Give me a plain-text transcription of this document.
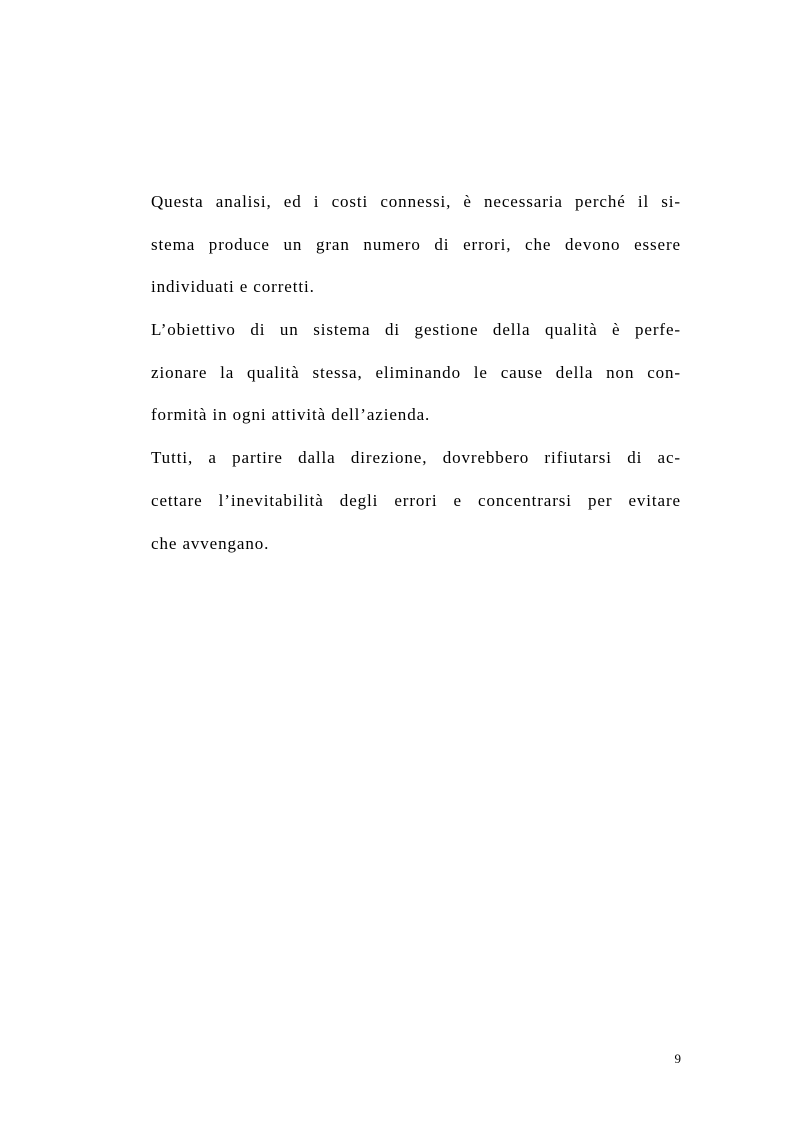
Questa analisi, ed i costi connessi, è necessaria perché il si-
stema produce un gran numero di errori, che devono essere
individuati e corretti.
L’obiettivo di un sistema di gestione della qualità è perfe-
zionare la qualità stessa, eliminando le cause della non con-
formità in ogni attività dell’azienda.
Tutti, a partire dalla direzione, dovrebbero rifiutarsi di ac-
cettare l’inevitabilità degli errori e concentrarsi per evitare
che avvengano.
9
